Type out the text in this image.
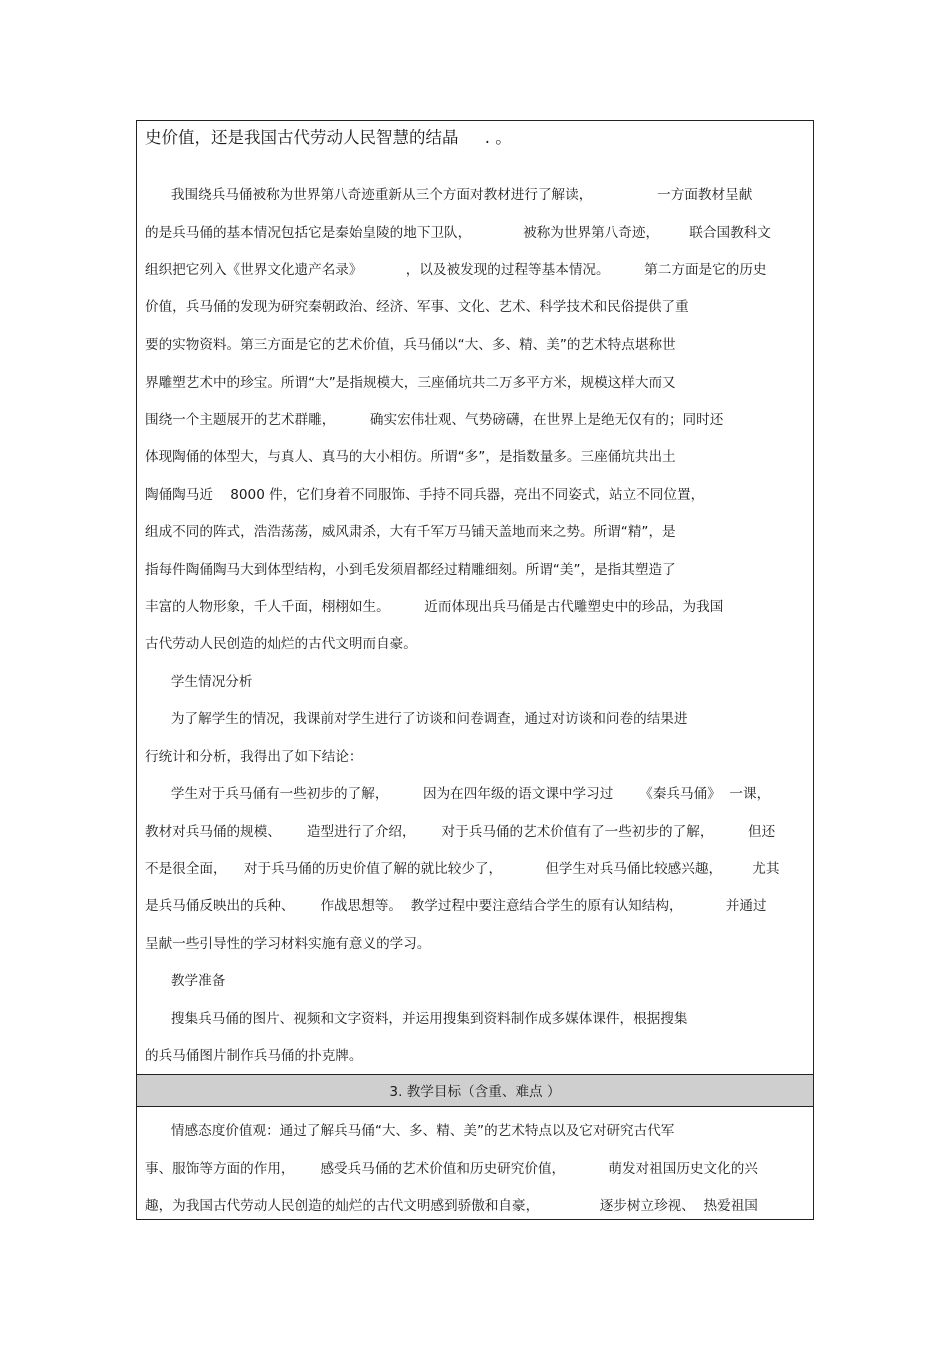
史价值，还是我国古代劳动人民智慧的结晶     . 。
我围绕兵马俑被称为世界第八奇迹重新从三个方面对教材进行了解读，               一方面教材呈献
的是兵马俑的基本情况包括它是秦始皇陵的地下卫队，            被称为世界第八奇迹，       联合国教科文
组织把它列入《世界文化遗产名录》          ，以及被发现的过程等基本情况。        第二方面是它的历史
价值，兵马俑的发现为研究秦朝政治、经济、军事、文化、艺术、科学技术和民俗提供了重
要的实物资料。第三方面是它的艺术价值，兵马俑以“大、多、精、美”的艺术特点堪称世
界雕塑艺术中的珍宝。所谓“大”是指规模大，三座俑坑共二万多平方米，规模这样大而又
围绕一个主题展开的艺术群雕，        确实宏伟壮观、气势磅礴，在世界上是绝无仅有的；同时还
体现陶俑的体型大，与真人、真马的大小相仿。所谓“多”，是指数量多。三座俑坑共出土
陶俑陶马近    8000 件，它们身着不同服饰、手持不同兵器，亮出不同姿式，站立不同位置，
组成不同的阵式，浩浩荡荡，威风肃杀，大有千军万马铺天盖地而来之势。所谓“精”，是
指每件陶俑陶马大到体型结构，小到毛发须眉都经过精雕细刻。所谓“美”，是指其塑造了
丰富的人物形象，千人千面，栩栩如生。        近而体现出兵马俑是古代雕塑史中的珍品，为我国
古代劳动人民创造的灿烂的古代文明而自豪。
学生情况分析
为了解学生的情况，我课前对学生进行了访谈和问卷调查，通过对访谈和问卷的结果进
行统计和分析，我得出了如下结论：
学生对于兵马俑有一些初步的了解，        因为在四年级的语文课中学习过      《秦兵马俑》  一课，
教材对兵马俑的规模、      造型进行了介绍，      对于兵马俑的艺术价值有了一些初步的了解，        但还
不是很全面，    对于兵马俑的历史价值了解的就比较少了，          但学生对兵马俑比较感兴趣，       尤其
是兵马俑反映出的兵种、      作战思想等。  教学过程中要注意结合学生的原有认知结构，          并通过
呈献一些引导性的学习材料实施有意义的学习。
教学准备
搜集兵马俑的图片、视频和文字资料，并运用搜集到资料制作成多媒体课件，根据搜集
的兵马俑图片制作兵马俑的扑克牌。
3. 教学目标（含重、难点 ）
情感态度价值观：通过了解兵马俑“大、多、精、美”的艺术特点以及它对研究古代军
事、服饰等方面的作用，      感受兵马俑的艺术价值和历史研究价值，          萌发对祖国历史文化的兴
趣，为我国古代劳动人民创造的灿烂的古代文明感到骄傲和自豪，              逐步树立珍视、  热爱祖国
